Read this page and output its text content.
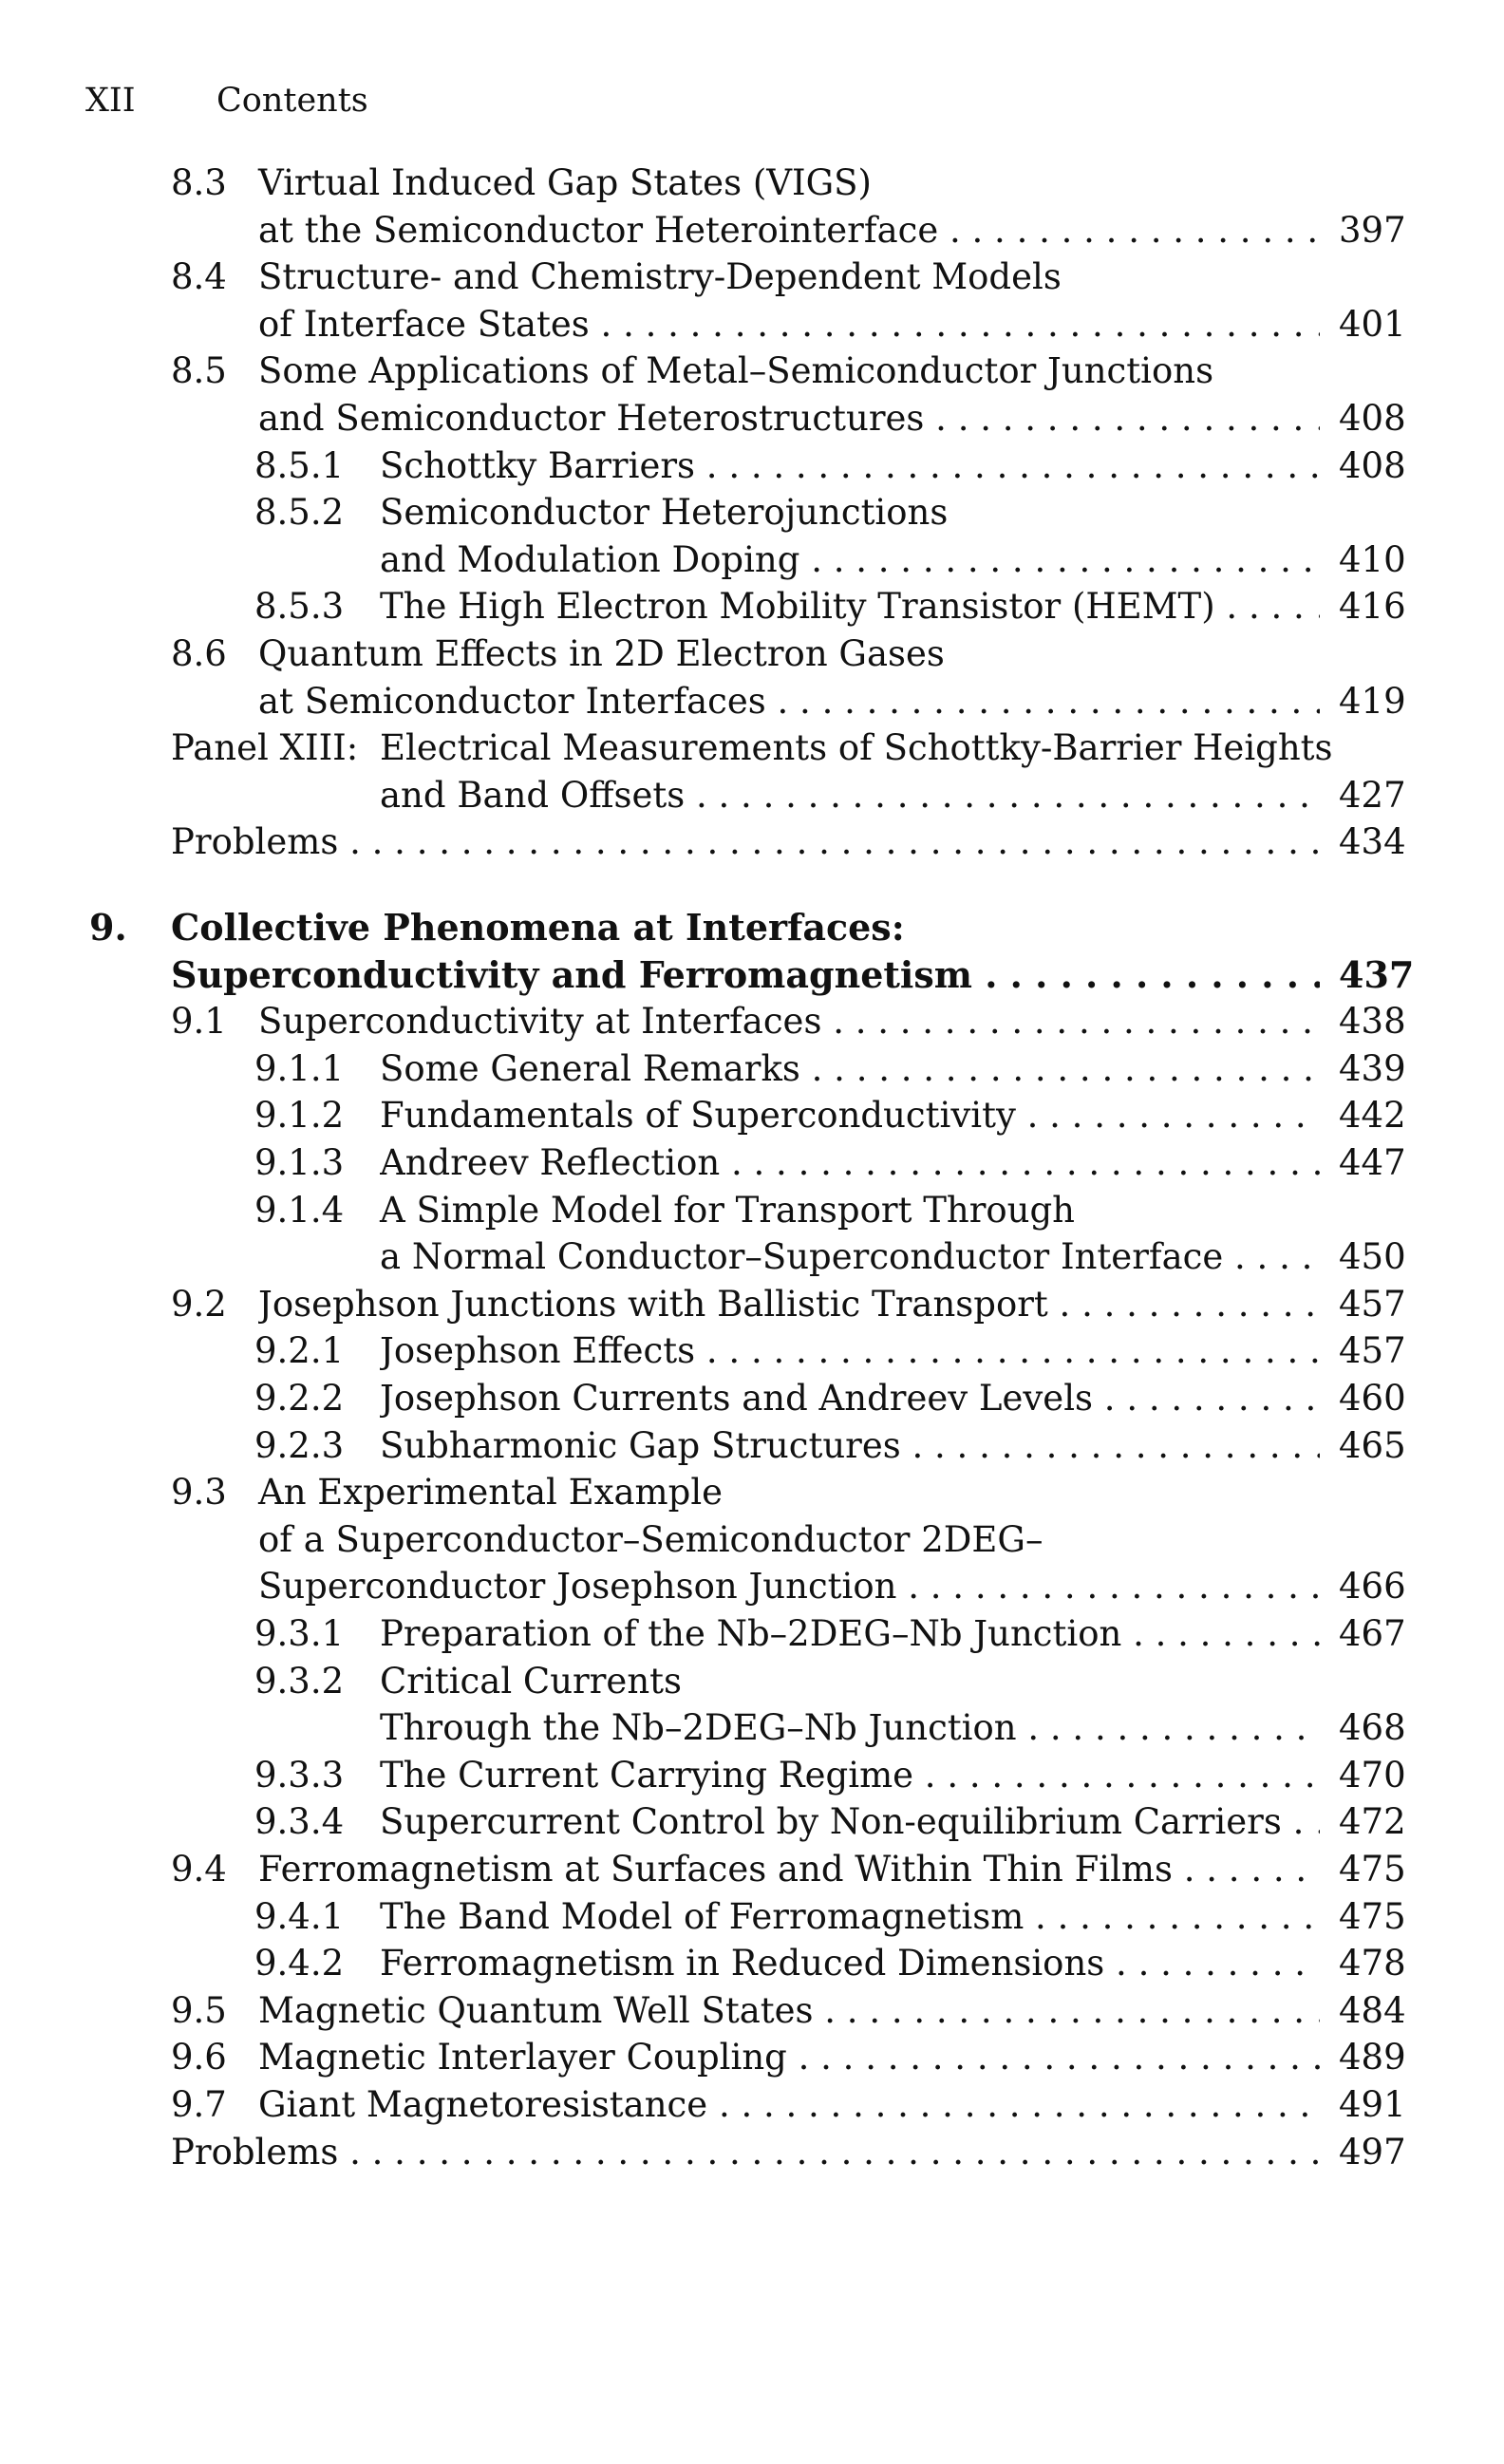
XII Contents
8.3 Virtual Induced Gap States (VIGS)
at the Semiconductor Heterointerface . . .	397
8.4 Structure- and Chemistry-Dependent Models
of Interface States . . .	401
8.5 Some Applications of Metal–Semiconductor Junctions
and Semiconductor Heterostructures . . .	408
8.5.1 Schottky Barriers . . .	408
8.5.2 Semiconductor Heterojunctions
and Modulation Doping . . .	410
8.5.3 The High Electron Mobility Transistor (HEMT) . . .	416
8.6 Quantum Effects in 2D Electron Gases
at Semiconductor Interfaces . . .	419
Panel XIII: Electrical Measurements of Schottky-Barrier Heights
and Band Offsets . . .	427
Problems . . .	434
9. Collective Phenomena at Interfaces:
Superconductivity and Ferromagnetism . . .	437
9.1 Superconductivity at Interfaces . . .	438
9.1.1 Some General Remarks . . .	439
9.1.2 Fundamentals of Superconductivity . . .	442
9.1.3 Andreev Reflection . . .	447
9.1.4 A Simple Model for Transport Through
a Normal Conductor–Superconductor Interface . . .	450
9.2 Josephson Junctions with Ballistic Transport . . .	457
9.2.1 Josephson Effects . . .	457
9.2.2 Josephson Currents and Andreev Levels . . .	460
9.2.3 Subharmonic Gap Structures . . .	465
9.3 An Experimental Example
of a Superconductor–Semiconductor 2DEG–
Superconductor Josephson Junction . . .	466
9.3.1 Preparation of the Nb–2DEG–Nb Junction . . .	467
9.3.2 Critical Currents
Through the Nb–2DEG–Nb Junction . . .	468
9.3.3 The Current Carrying Regime . . .	470
9.3.4 Supercurrent Control by Non-equilibrium Carriers . . .	472
9.4 Ferromagnetism at Surfaces and Within Thin Films . . .	475
9.4.1 The Band Model of Ferromagnetism . . .	475
9.4.2 Ferromagnetism in Reduced Dimensions . . .	478
9.5 Magnetic Quantum Well States . . .	484
9.6 Magnetic Interlayer Coupling . . .	489
9.7 Giant Magnetoresistance . . .	491
Problems . . .	497
